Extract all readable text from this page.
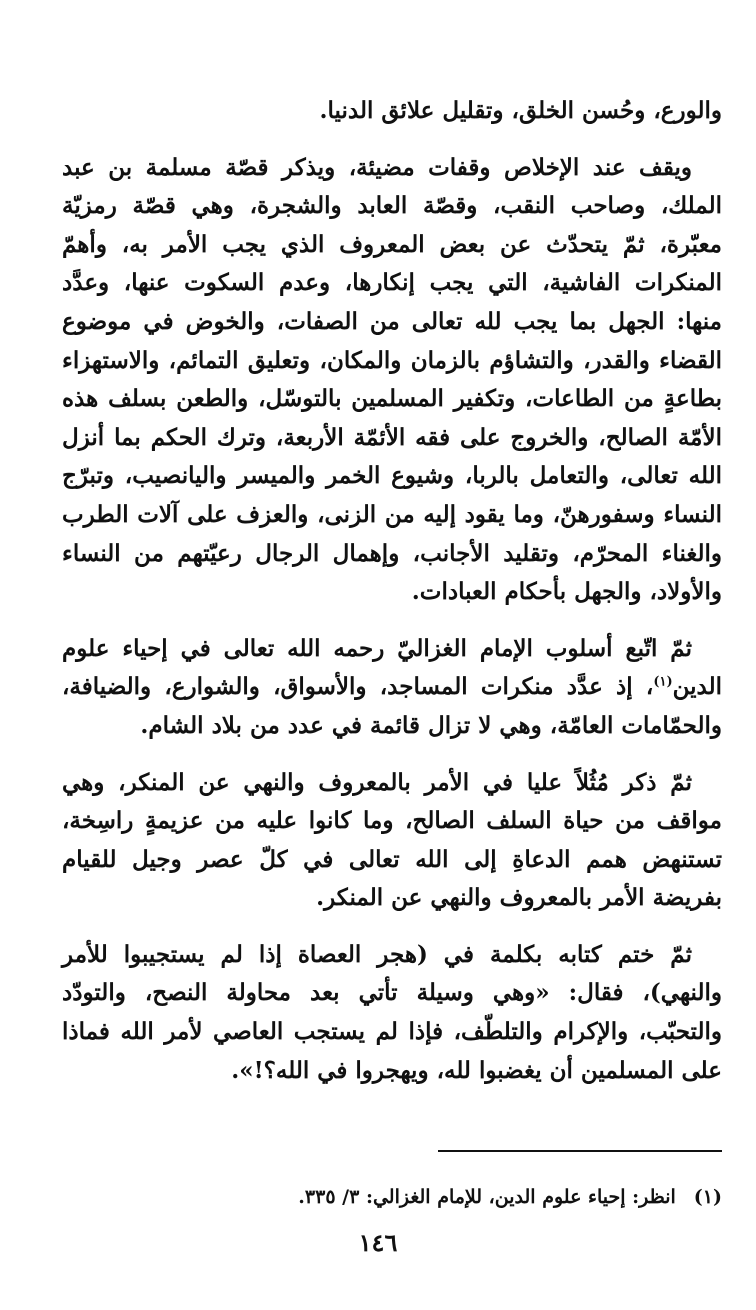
والورع، وحُسن الخلق، وتقليل علائق الدنيا.

ويقف عند الإخلاص وقفات مضيئة، ويذكر قصّة مسلمة بن عبد الملك، وصاحب النقب، وقصّة العابد والشجرة، وهي قصّة رمزيّة معبّرة، ثمّ يتحدّث عن بعض المعروف الذي يجب الأمر به، وأهمّ المنكرات الفاشية، التي يجب إنكارها، وعدم السكوت عنها، وعدَّد منها: الجهل بما يجب لله تعالى من الصفات، والخوض في موضوع القضاء والقدر، والتشاؤم بالزمان والمكان، وتعليق التمائم، والاستهزاء بطاعةٍ من الطاعات، وتكفير المسلمين بالتوسّل، والطعن بسلف هذه الأمّة الصالح، والخروج على فقه الأئمّة الأربعة، وترك الحكم بما أنزل الله تعالى، والتعامل بالربا، وشيوع الخمر والميسر واليانصيب، وتبرّج النساء وسفورهنّ، وما يقود إليه من الزنى، والعزف على آلات الطرب والغناء المحرّم، وتقليد الأجانب، وإهمال الرجال رعيّتهم من النساء والأولاد، والجهل بأحكام العبادات.

ثمّ اتّبع أسلوب الإمام الغزاليّ رحمه الله تعالى في إحياء علوم الدين$^{(١)}$، إذ عدَّد منكرات المساجد، والأسواق، والشوارع، والضيافة، والحمّامات العامّة، وهي لا تزال قائمة في عدد من بلاد الشام.

ثمّ ذكر مُثُلاً عليا في الأمر بالمعروف والنهي عن المنكر، وهي مواقف من حياة السلف الصالح، وما كانوا عليه من عزيمةٍ راسِخة، تستنهض همم الدعاةِ إلى الله تعالى في كلّ عصر وجيل للقيام بفريضة الأمر بالمعروف والنهي عن المنكر.

ثمّ ختم كتابه بكلمة في (هجر العصاة إذا لم يستجيبوا للأمر والنهي)، فقال: «وهي وسيلة تأتي بعد محاولة النصح، والتودّد والتحبّب، والإكرام والتلطّف، فإذا لم يستجب العاصي لأمر الله فماذا على المسلمين أن يغضبوا لله، ويهجروا في الله؟!».

(١)انظر: إحياء علوم الدين، للإمام الغزالي: ٣/ ٣٣٥.
١٤٦
